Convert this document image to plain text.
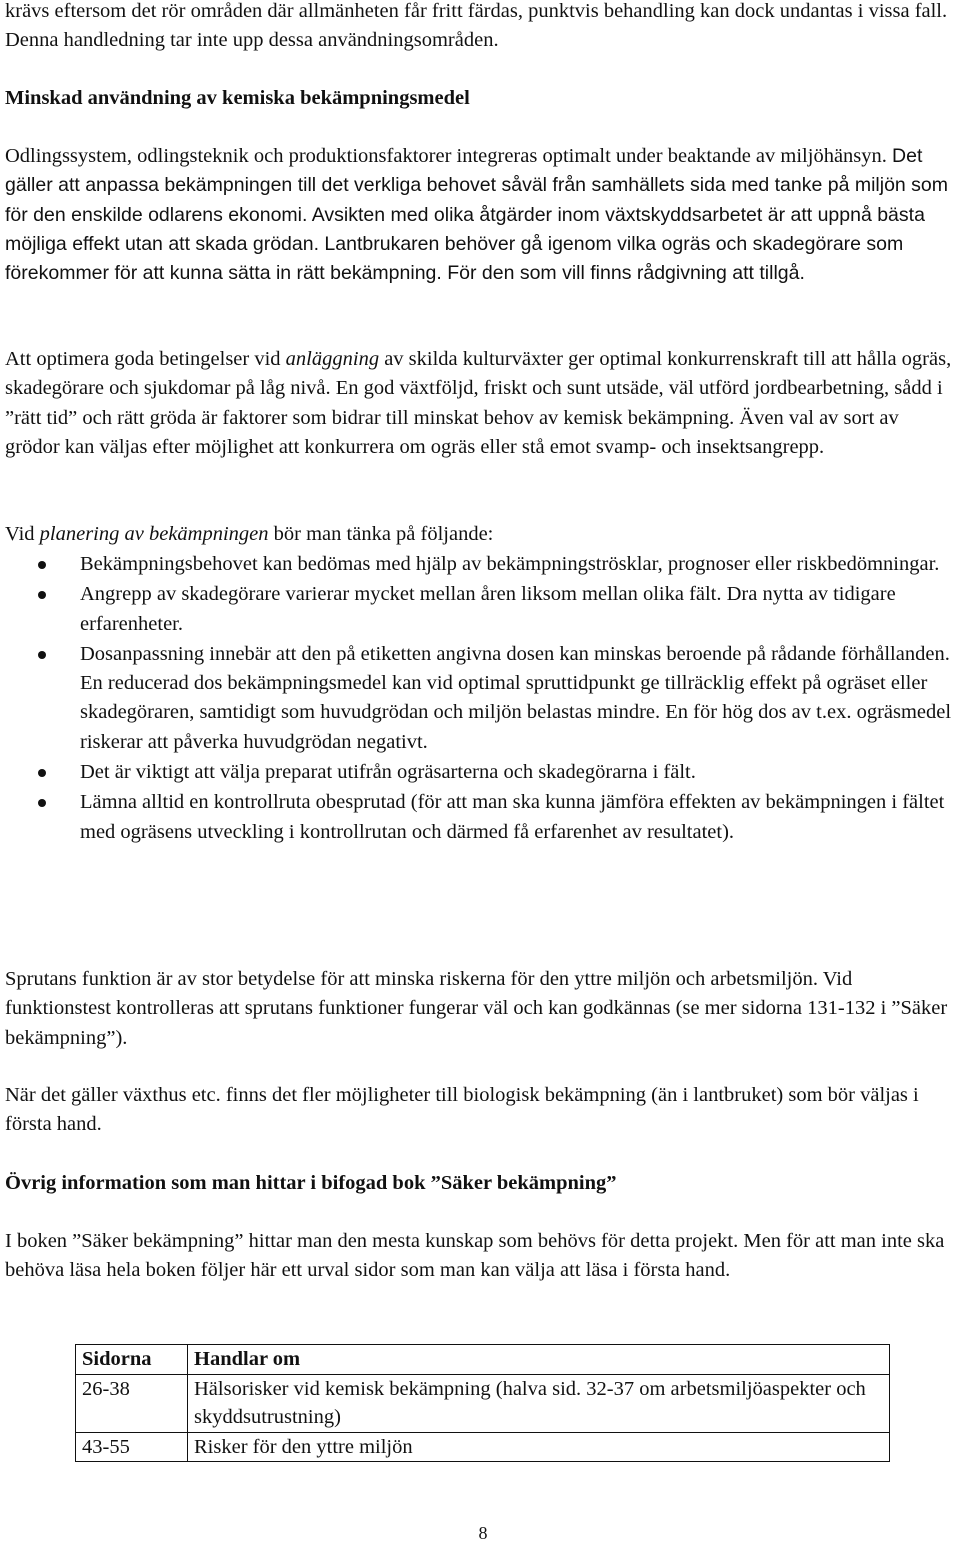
krävs eftersom det rör områden där allmänheten får fritt färdas, punktvis behandling kan dock undantas i vissa fall. Denna handledning tar inte upp dessa användningsområden.

Minskad användning av kemiska bekämpningsmedel

Odlingssystem, odlingsteknik och produktionsfaktorer integreras optimalt under beaktande av miljöhänsyn. Det gäller att anpassa bekämpningen till det verkliga behovet såväl från samhällets sida med tanke på miljön som för den enskilde odlarens ekonomi. Avsikten med olika åtgärder inom växtskyddsarbetet är att uppnå bästa möjliga effekt utan att skada grödan. Lantbrukaren behöver gå igenom vilka ogräs och skadegörare som förekommer för att kunna sätta in rätt bekämpning. För den som vill finns rådgivning att tillgå.

Att optimera goda betingelser vid anläggning av skilda kulturväxter ger optimal konkurrenskraft till att hålla ogräs, skadegörare och sjukdomar på låg nivå. En god växtföljd, friskt och sunt utsäde, väl utförd jordbearbetning, sådd i ”rätt tid” och rätt gröda är faktorer som bidrar till minskat behov av kemisk bekämpning. Även val av sort av grödor kan väljas efter möjlighet att konkurrera om ogräs eller stå emot svamp- och insektsangrepp.

Vid planering av bekämpningen bör man tänka på följande:

Bekämpningsbehovet kan bedömas med hjälp av bekämpningströsklar, prognoser eller riskbedömningar.
Angrepp av skadegörare varierar mycket mellan åren liksom mellan olika fält. Dra nytta av tidigare erfarenheter.
Dosanpassning innebär att den på etiketten angivna dosen kan minskas beroende på rådande förhållanden. En reducerad dos bekämpningsmedel kan vid optimal spruttidpunkt ge tillräcklig effekt på ogräset eller skadegöraren, samtidigt som huvudgrödan och miljön belastas mindre. En för hög dos av t.ex. ogräsmedel riskerar att påverka huvudgrödan negativt.
Det är viktigt att välja preparat utifrån ogräsarterna och skadegörarna i fält.
Lämna alltid en kontrollruta obesprutad (för att man ska kunna jämföra effekten av bekämpningen i fältet med ogräsens utveckling i kontrollrutan och därmed få erfarenhet av resultatet).

Sprutans funktion är av stor betydelse för att minska riskerna för den yttre miljön och arbetsmiljön. Vid funktionstest kontrolleras att sprutans funktioner fungerar väl och kan godkännas (se mer sidorna 131-132 i ”Säker bekämpning”).

När det gäller växthus etc. finns det fler möjligheter till biologisk bekämpning (än i lantbruket) som bör väljas i första hand.

Övrig information som man hittar i bifogad bok ”Säker bekämpning”

I boken ”Säker bekämpning” hittar man den mesta kunskap som behövs för detta projekt. Men för att man inte ska behöva läsa hela boken följer här ett urval sidor som man kan välja att läsa i första hand.

Sidorna	Handlar om
26-38	Hälsorisker vid kemisk bekämpning (halva sid. 32-37 om arbetsmiljöaspekter och skyddsutrustning)
43-55	Risker för den yttre miljön
8
